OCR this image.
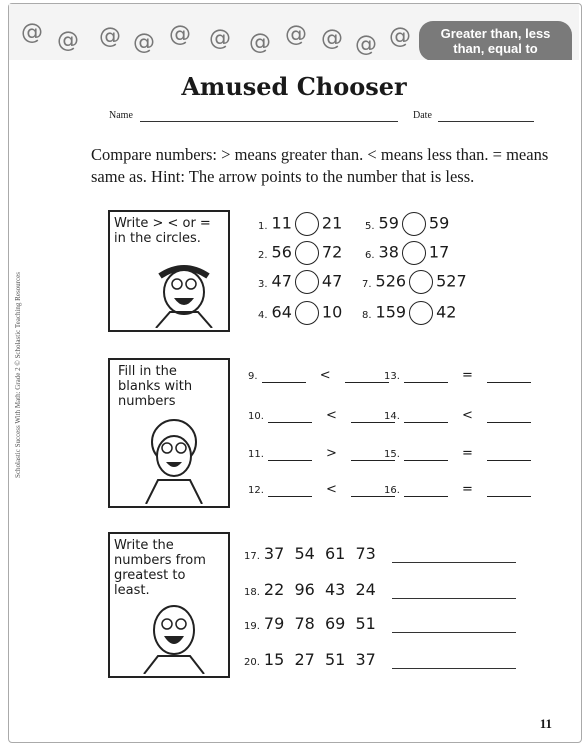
@ @ @ @ @ @ @ @ @ @ @	Greater than, less
than, equal to
Amused Chooser
Name	Date
Compare numbers: > means greater than. < means less than. = means same as. Hint: The arrow points to the number that is less.
Scholastic Success With Math: Grade 2 © Scholastic Teaching Resources
Write > < or =
in the circles.
Fill in the
blanks with
numbers
Write the
numbers from
greatest to
least.
1. 11 21
2. 56 72
3. 47 47
4. 64 10
5. 59 59
6. 38 17
7. 526 527
8. 159 42
9.	<
10.	<
11.	>
12.	<
13.	=
14.	<
15.	=
16.	=
17. 37  54  61  73
18. 22  96  43  24
19. 79  78  69  51
20. 15  27  51  37
11
